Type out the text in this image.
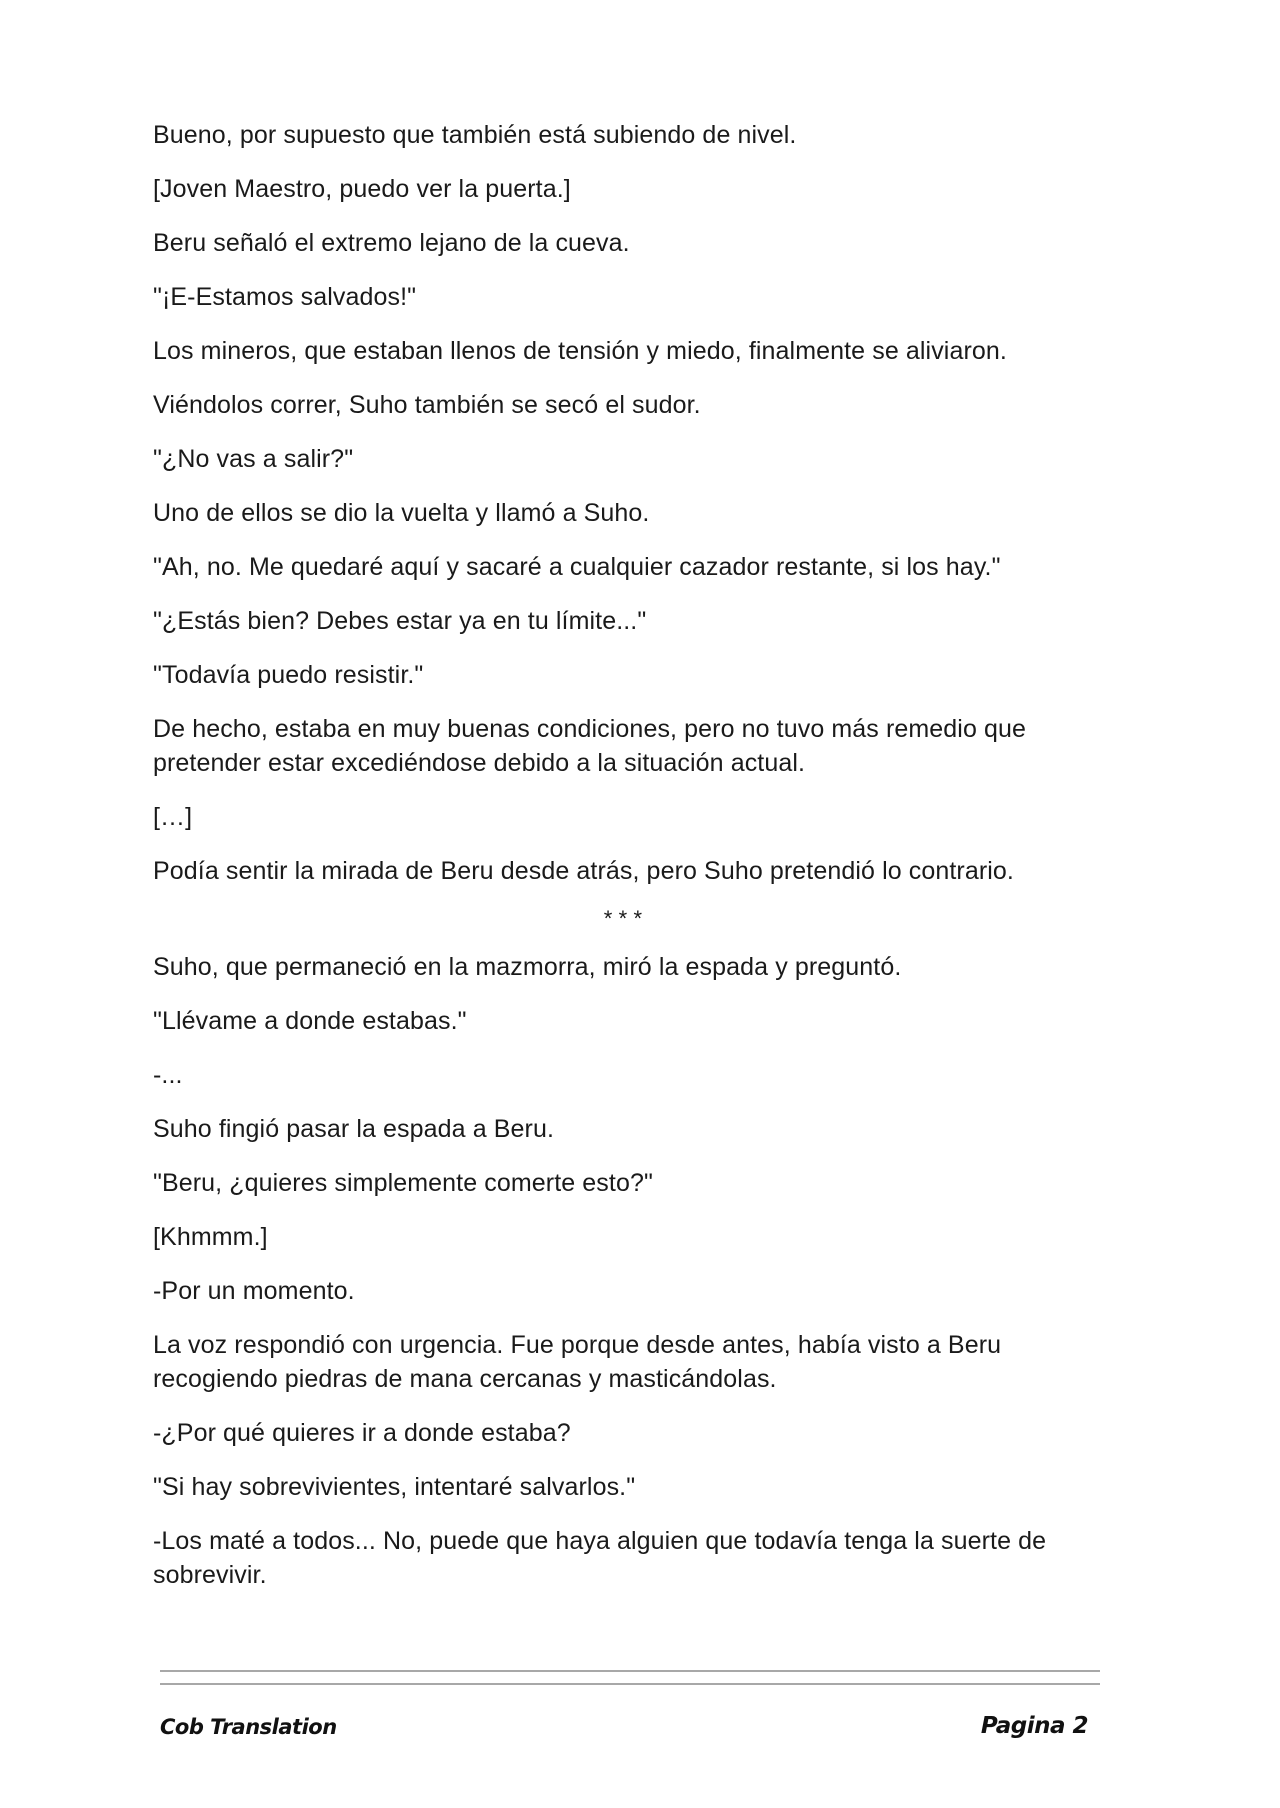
Bueno, por supuesto que también está subiendo de nivel.

[Joven Maestro, puedo ver la puerta.]

Beru señaló el extremo lejano de la cueva.

"¡E-Estamos salvados!"

Los mineros, que estaban llenos de tensión y miedo, finalmente se aliviaron.

Viéndolos correr, Suho también se secó el sudor.

"¿No vas a salir?"

Uno de ellos se dio la vuelta y llamó a Suho.

"Ah, no. Me quedaré aquí y sacaré a cualquier cazador restante, si los hay."

"¿Estás bien? Debes estar ya en tu límite..."

"Todavía puedo resistir."

De hecho, estaba en muy buenas condiciones, pero no tuvo más remedio que pretender estar excediéndose debido a la situación actual.

[…]

Podía sentir la mirada de Beru desde atrás, pero Suho pretendió lo contrario.

* * *

Suho, que permaneció en la mazmorra, miró la espada y preguntó.

"Llévame a donde estabas."

-...

Suho fingió pasar la espada a Beru.

"Beru, ¿quieres simplemente comerte esto?"

[Khmmm.]

-Por un momento.

La voz respondió con urgencia. Fue porque desde antes, había visto a Beru recogiendo piedras de mana cercanas y masticándolas.

-¿Por qué quieres ir a donde estaba?

"Si hay sobrevivientes, intentaré salvarlos."

-Los maté a todos... No, puede que haya alguien que todavía tenga la suerte de sobrevivir.

Cob Translation	Pagina 2
